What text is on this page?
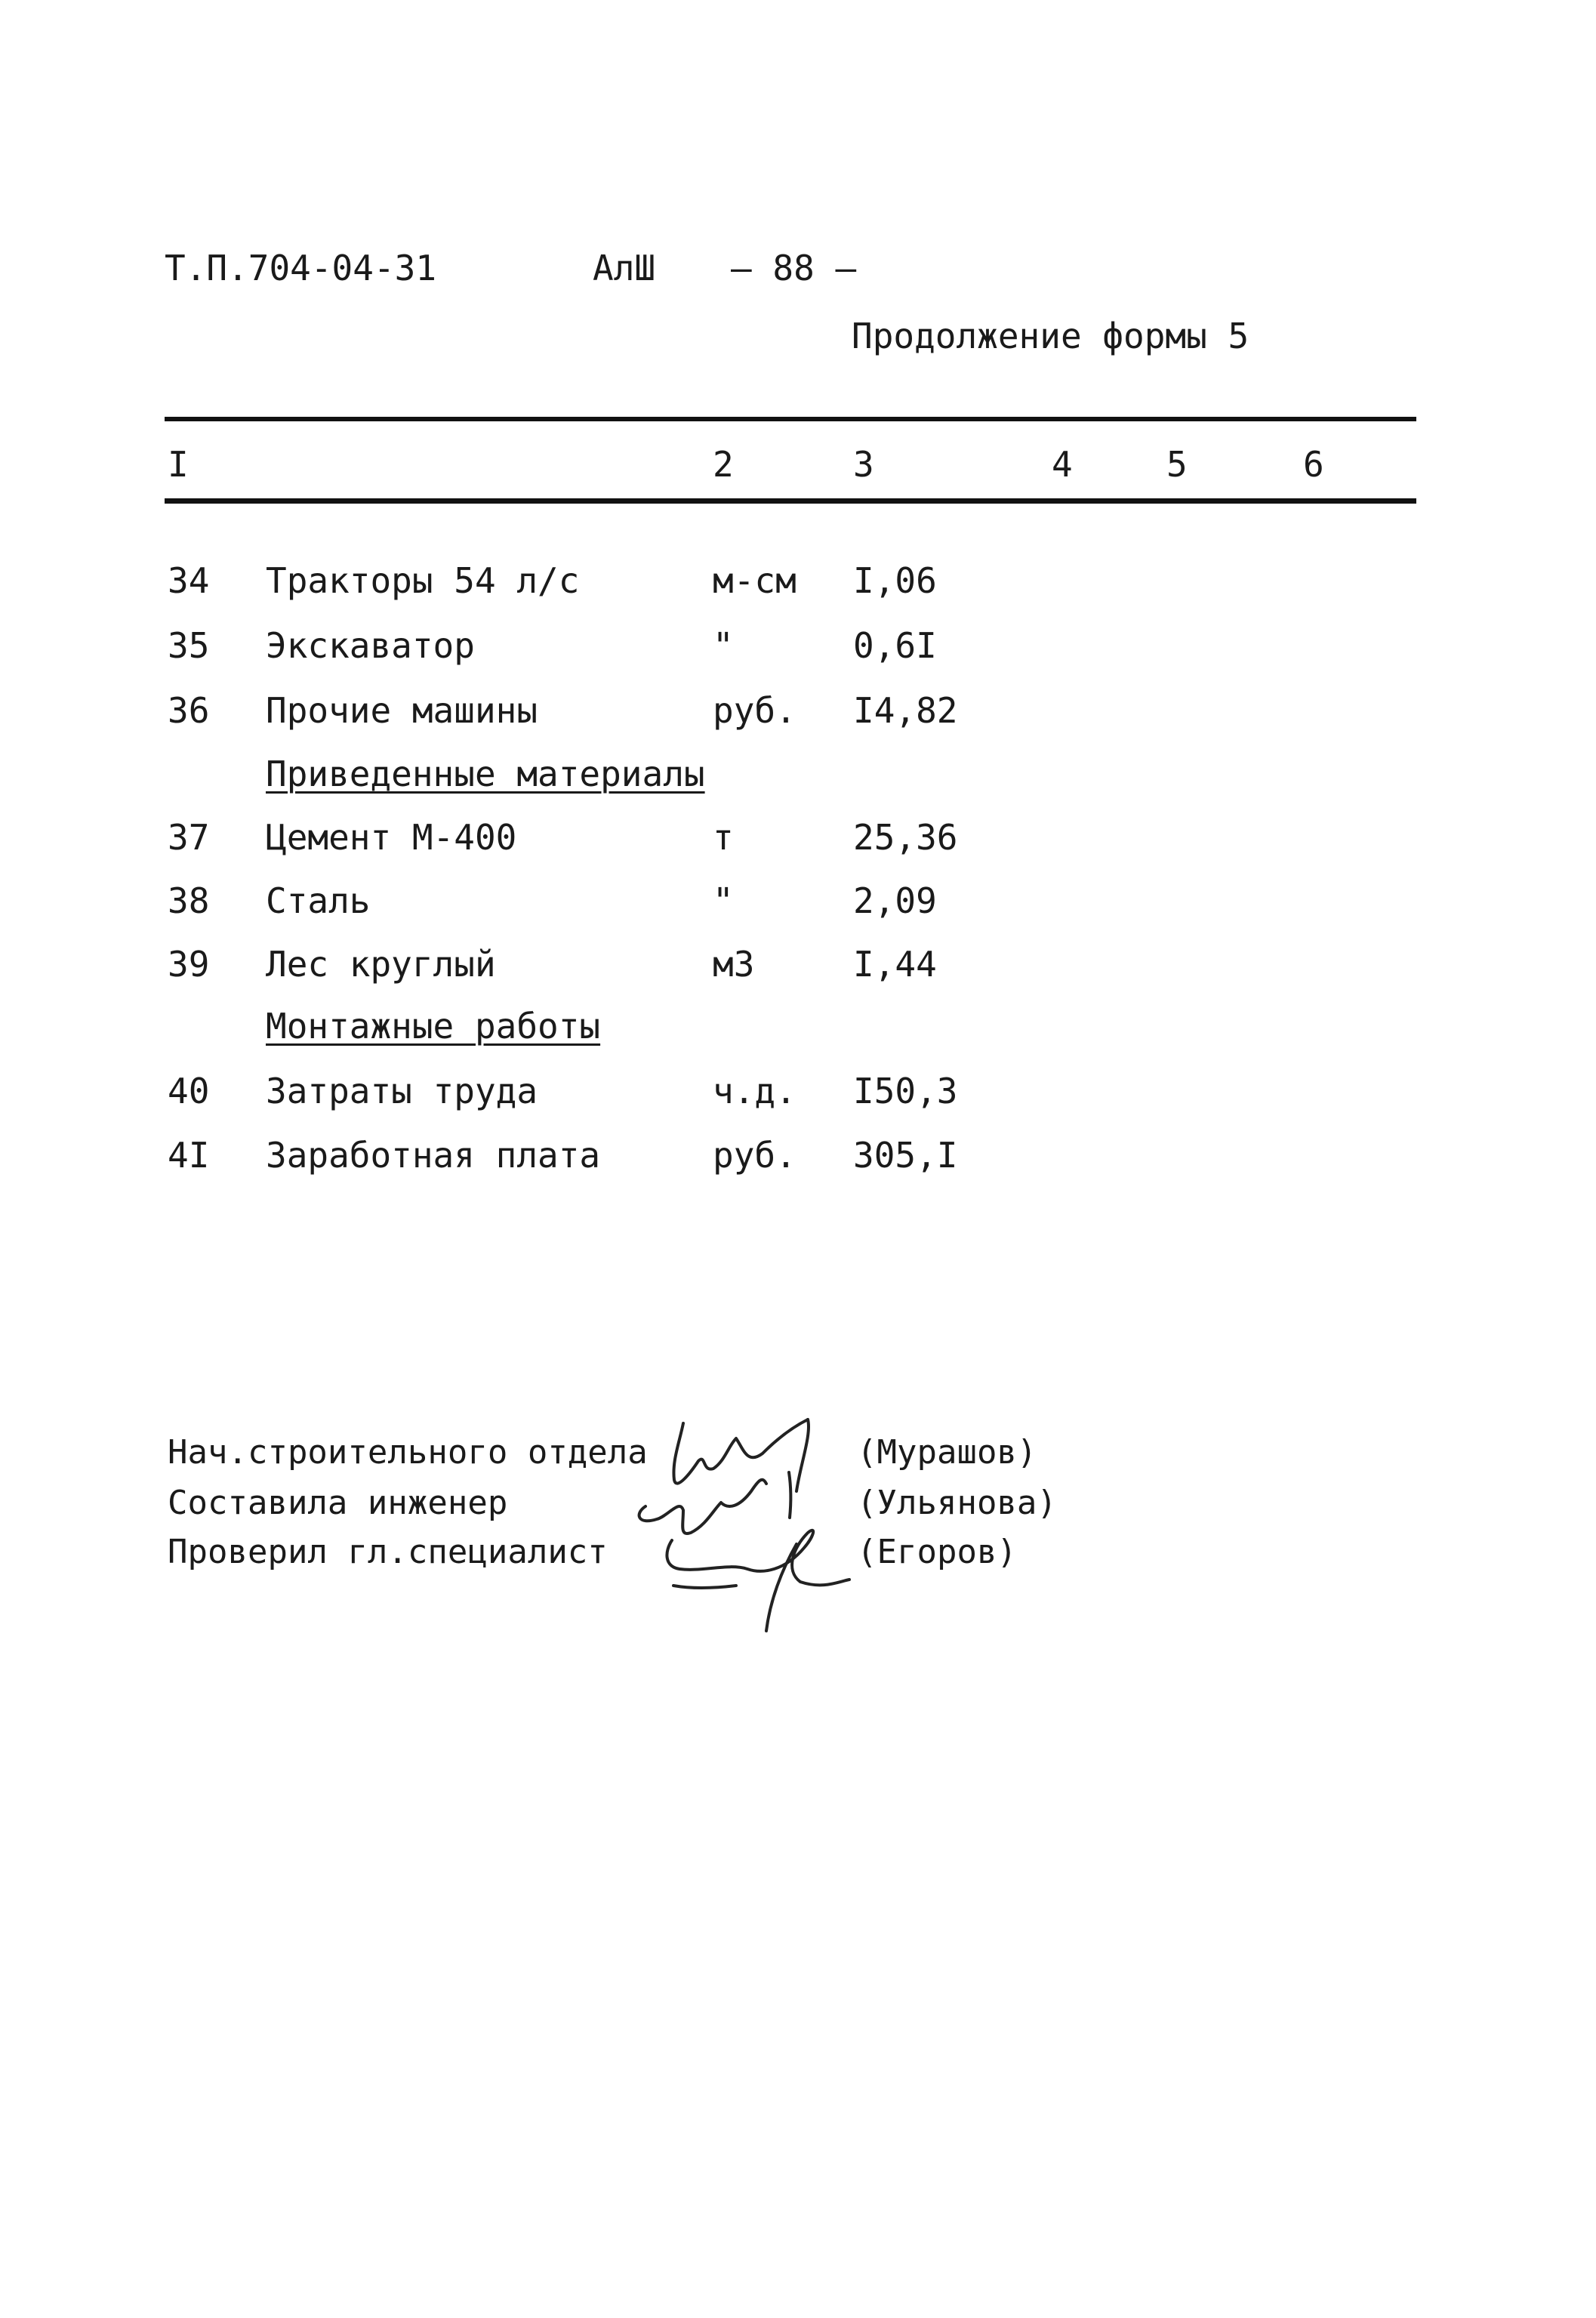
Т.П.704-04-31	АлШ — 88 —
Продолжение формы 5
I	2	3	4	5	6
34 Тракторы 54 л/с	м-см I,06
35 Экскаватор	"	0,6I
36 Прочие машины	руб. I4,82
Приведенные материалы
37 Цемент М-400	т	25,36
38 Сталь	"	2,09
39 Лес круглый	м3	I,44
Монтажные работы
40 Затраты труда	ч.д. I50,3
4I Заработная плата	руб. 305,I
Нач.строительного отдела	(Мурашов)
Составила инженер	(Ульянова)
Проверил гл.специалист	(Егоров)
